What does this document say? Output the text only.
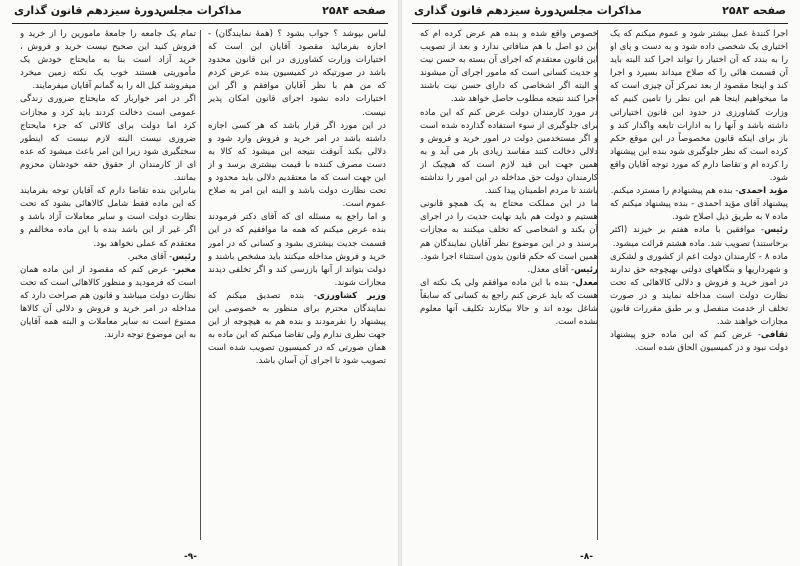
صفحه ۲۵۸۳
مذاکرات مجلس
دورهٔ سیزدهم قانون گذاری

اجرا کنندهٔ عمل بیشتر شود و عموم میکنم که یک اختیاری یک شخصی داده شود و به دست و پای او را به بندد که آن اختیار را تواند اجرا کند البته باید آن قسمت هائی را که صلاح میداند بسپرد و اجرا کند و اینجا مقصود از بعد تمرکز آن چیزی است که ما میخواهیم اینجا هم این نظر را تامین کنیم که وزارت کشاورزی در حدود این قانون اختیاراتی داشته باشد و آنها را به ادارات تابعه واگذار کند و باز برای اینکه قانون مخصوصاً در این موقع حکم کرده است که نظر جلوگیری شود بنده این پیشنهاد را کرده ام و تقاضا دارم که مورد توجه آقایان واقع شود.

مؤید احمدی- بنده هم پیشنهادم را مسترد میکنم.

پیشنهاد آقای مؤید احمدی - بنده پیشنهاد میکنم که ماده ۷ به طریق ذیل اصلاح شود.

رئیس- موافقین با ماده هفتم بر خیزند (اکثر برخاستند) تصویب شد. ماده هشتم قرائت میشود.

ماده ۸ - کارمندان دولت اعم از کشوری و لشکری و شهرداریها و بنگاههای دولتی بهیچوجه حق ندارند در امور خرید و فروش و دلالی کالاهائی که تحت نظارت دولت است مداخله نمایند و در صورت تخلف از خدمت منفصل و بر طبق مقررات قانون مجازات خواهند شد.

ثقافی- عرض کنم که این ماده جزو پیشنهاد دولت نبود و در کمیسیون الحاق شده است.

خصوص واقع شده و بنده هم عرض کرده ام که این دو اصل با هم منافاتی ندارد و بعد از تصویب این قانون معتقدم که اجرای آن بسته به حسن نیت و جدیت کسانی است که مامور اجرای آن میشوند و البته اگر اشخاصی که دارای حسن نیت باشند اجرا کنند نتیجه مطلوب حاصل خواهد شد.

در مورد کارمندان دولت عرض کنم که این ماده برای جلوگیری از سوء استفاده گذارده شده است و اگر مستخدمین دولت در امور خرید و فروش و دلالی دخالت کنند مفاسد زیادی بار می آید و به همین جهت این قید لازم است که هیچیک از کارمندان دولت حق مداخله در این امور را نداشته باشند تا مردم اطمینان پیدا کنند.

ما در این مملکت محتاج به یک همچو قانونی هستیم و دولت هم باید نهایت جدیت را در اجرای آن بکند و اشخاصی که تخلف میکنند به مجازات برسند و در این موضوع نظر آقایان نمایندگان هم همین است که حکم قانون بدون استثناء اجرا شود.

رئیس- آقای معدل.

معدل- بنده با این ماده موافقم ولی یک نکته ای هست که باید عرض کنم راجع به کسانی که سابقاً شاغل بوده اند و حالا بیکارند تکلیف آنها معلوم نشده است.

-۸-
صفحه ۲۵۸۴
مذاکرات مجلس
دورهٔ سیزدهم قانون گذاری

لباس بپوشد ؟ جواب بشود ؟ (همهٔ نمایندگان) - اجازه بفرمائید مقصود آقایان این است که اختیارات وزارت کشاورزی در این قانون محدود باشد در صورتیکه در کمیسیون بنده عرض کردم که من هم با نظر آقایان موافقم و اگر این اختیارات داده نشود اجرای قانون امکان پذیر نیست.

در این مورد اگر قرار باشد که هر کسی اجازه داشته باشد در امر خرید و فروش وارد شود و دلالی بکند آنوقت نتیجه این میشود که کالا به دست مصرف کننده با قیمت بیشتری برسد و از این جهت است که ما معتقدیم دلالی باید محدود و تحت نظارت دولت باشد و البته این امر به صلاح عموم است.

و اما راجع به مسئله ای که آقای دکتر فرمودند بنده عرض میکنم که همه ما موافقیم که در این قسمت جدیت بیشتری بشود و کسانی که در امور خرید و فروش مداخله میکنند باید مشخص باشند و دولت بتواند از آنها بازرسی کند و اگر تخلفی دیدند مجازات شوند.

وزیر کشاورزی- بنده تصدیق میکنم که نمایندگان محترم برای منظور به خصوصی این پیشنهاد را نفرمودند و بنده هم به هیچوجه از این جهت نظری ندارم ولی تقاضا میکنم که این ماده به همان صورتی که در کمیسیون تصویب شده است تصویب شود تا اجرای آن آسان باشد.

تمام یک جامعه را جامعهٔ مامورین را از خرید و فروش کنید این صحیح نیست خرید و فروش ، خرید آزاد است بنا به مایحتاج خودش یک مأموریتی هستند خوب یک نکته زمین میخرد میفروشد کیل اله را به گمانم آقایان میفرمایند.

اگر در امر خواربار که مایحتاج ضروری زندگی عمومی است دخالت کردند باید کرد و مجازات کرد اما دولت برای کالائی که جزء مایحتاج ضروری نیست البته لازم نیست که اینطور سختگیری شود زیرا این امر باعث میشود که عده ای از کارمندان از حقوق حقه خودشان محروم بمانند.

بنابراین بنده تقاضا دارم که آقایان توجه بفرمایند که این ماده فقط شامل کالاهائی بشود که تحت نظارت دولت است و سایر معاملات آزاد باشد و اگر غیر از این باشد بنده با این ماده مخالفم و معتقدم که عملی نخواهد بود.

رئیس- آقای مخبر.

مخبر- عرض کنم که مقصود از این ماده همان است که فرمودید و منظور کالاهائی است که تحت نظارت دولت میباشد و قانون هم صراحت دارد که مداخله در امر خرید و فروش و دلالی آن کالاها ممنوع است نه سایر معاملات و البته همه آقایان به این موضوع توجه دارند.

-۹-
